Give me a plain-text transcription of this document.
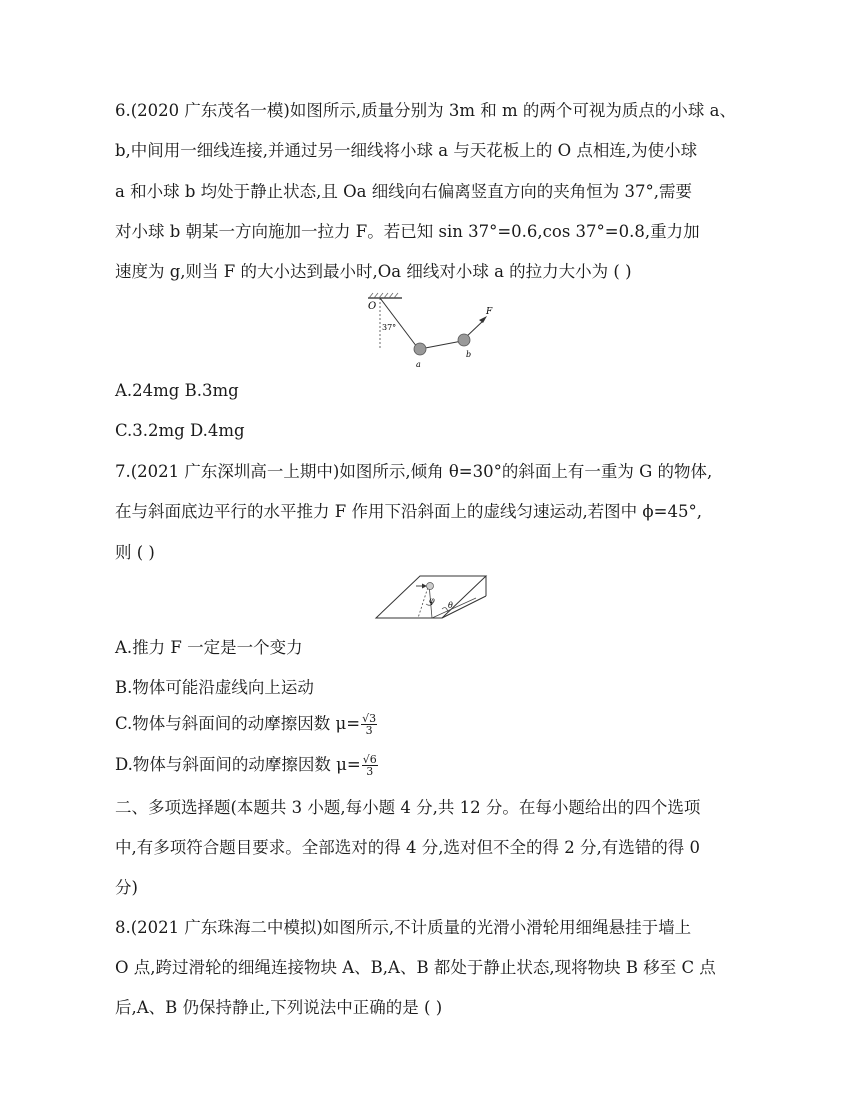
6.(2020 广东茂名一模)如图所示,质量分别为 3m 和 m 的两个可视为质点的小球 a、
b,中间用一细线连接,并通过另一细线将小球 a 与天花板上的 O 点相连,为使小球
a 和小球 b 均处于静止状态,且 Oa 细线向右偏离竖直方向的夹角恒为 37°,需要
对小球 b 朝某一方向施加一拉力 F。若已知 sin 37°=0.6,cos 37°=0.8,重力加
速度为 g,则当 F 的大小达到最小时,Oa 细线对小球 a 的拉力大小为 ( )
O
37°
a
b
F
A.24mg B.3mg
C.3.2mg D.4mg
7.(2021 广东深圳高一上期中)如图所示,倾角 θ=30°的斜面上有一重为 G 的物体,
在与斜面底边平行的水平推力 F 作用下沿斜面上的虚线匀速运动,若图中 ϕ=45°,
则 ( )
φ
θ
A.推力 F 一定是一个变力
B.物体可能沿虚线向上运动
C.物体与斜面间的动摩擦因数 $\mu= \frac{√3}{3}$
D.物体与斜面间的动摩擦因数 $\mu= \frac{√6}{3}$
二、多项选择题(本题共 3 小题,每小题 4 分,共 12 分。在每小题给出的四个选项
中,有多项符合题目要求。全部选对的得 4 分,选对但不全的得 2 分,有选错的得 0
分)
8.(2021 广东珠海二中模拟)如图所示,不计质量的光滑小滑轮用细绳悬挂于墙上
O 点,跨过滑轮的细绳连接物块 A、B,A、B 都处于静止状态,现将物块 B 移至 C 点
后,A、B 仍保持静止,下列说法中正确的是 ( )
